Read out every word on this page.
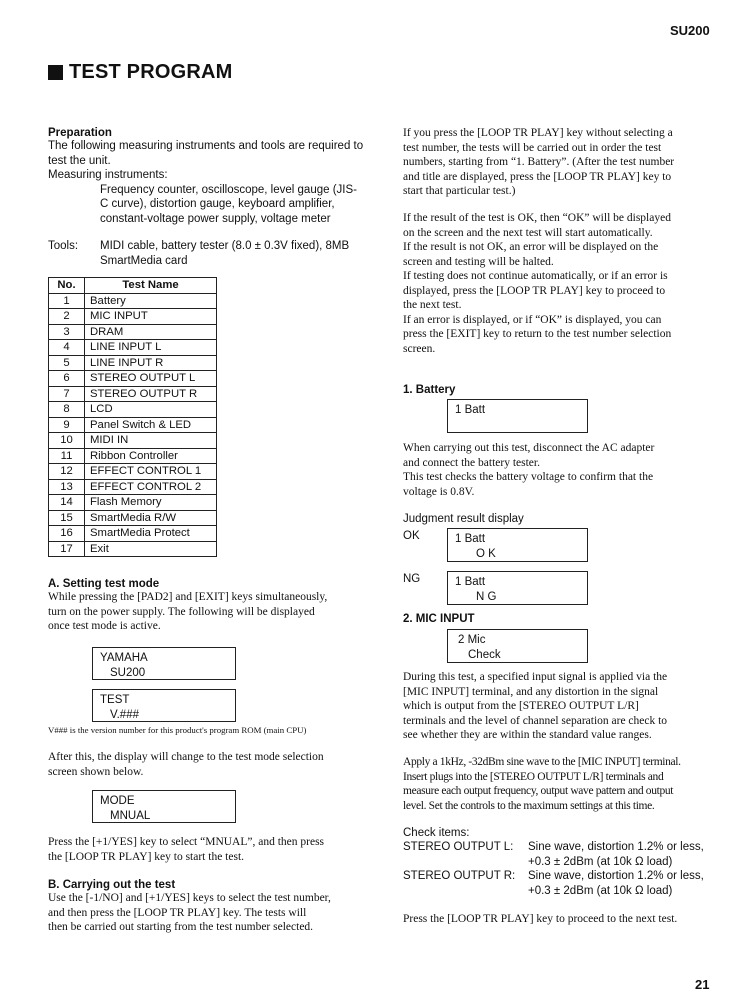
SU200
TEST PROGRAM
Preparation
The following measuring instruments and tools are required to
test the unit.
Measuring instruments:
Frequency counter, oscilloscope, level gauge (JIS-
C curve), distortion gauge, keyboard amplifier,
constant-voltage power supply, voltage meter
Tools:	MIDI cable, battery tester (8.0 ± 0.3V fixed), 8MB
SmartMedia card
No.	Test Name
1	Battery
2	MIC INPUT
3	DRAM
4	LINE INPUT L
5	LINE INPUT R
6	STEREO OUTPUT L
7	STEREO OUTPUT R
8	LCD
9	Panel Switch & LED
10	MIDI IN
11	Ribbon Controller
12	EFFECT CONTROL 1
13	EFFECT CONTROL 2
14	Flash Memory
15	SmartMedia R/W
16	SmartMedia Protect
17	Exit
A. Setting test mode
While pressing the [PAD2] and [EXIT] keys simultaneously,
turn on the power supply. The following will be displayed
once test mode is active.
YAMAHA
SU200
TEST
V.###
V### is the version number for this product's program ROM (main CPU)
After this, the display will change to the test mode selection
screen shown below.
MODE
MNUAL
Press the [+1/YES] key to select “MNUAL”, and then press
the [LOOP TR PLAY] key to start the test.
B. Carrying out the test
Use the [-1/NO] and [+1/YES] keys to select the test number,
and then press the [LOOP TR PLAY] key. The tests will
then be carried out starting from the test number selected.
If you press the [LOOP TR PLAY] key without selecting a
test number, the tests will be carried out in order the test
numbers, starting from “1. Battery”. (After the test number
and title are displayed, press the [LOOP TR PLAY] key to
start that particular test.)
If the result of the test is OK, then “OK” will be displayed
on the screen and the next test will start automatically.
If the result is not OK, an error will be displayed on the
screen and testing will be halted.
If testing does not continue automatically, or if an error is
displayed, press the [LOOP TR PLAY] key to proceed to
the next test.
If an error is displayed, or if “OK” is displayed, you can
press the [EXIT] key to return to the test number selection
screen.
1. Battery
1 Batt
When carrying out this test, disconnect the AC adapter
and connect the battery tester.
This test checks the battery voltage to confirm that the
voltage is 0.8V.
Judgment result display
OK	1 Batt
O K
NG	1 Batt
N G
2. MIC INPUT
2 Mic
Check
During this test, a specified input signal is applied via the
[MIC INPUT] terminal, and any distortion in the signal
which is output from the [STEREO OUTPUT L/R]
terminals and the level of channel separation are check to
see whether they are within the standard value ranges.
Apply a 1kHz, -32dBm sine wave to the [MIC INPUT] terminal.
Insert plugs into the [STEREO OUTPUT L/R] terminals and
measure each output frequency, output wave pattern and output
level. Set the controls to the maximum settings at this time.
Check items:
STEREO OUTPUT L:	Sine wave, distortion 1.2% or less,
+0.3 ± 2dBm (at 10k Ω load)
STEREO OUTPUT R:	Sine wave, distortion 1.2% or less,
+0.3 ± 2dBm (at 10k Ω load)
Press the [LOOP TR PLAY] key to proceed to the next test.
21
